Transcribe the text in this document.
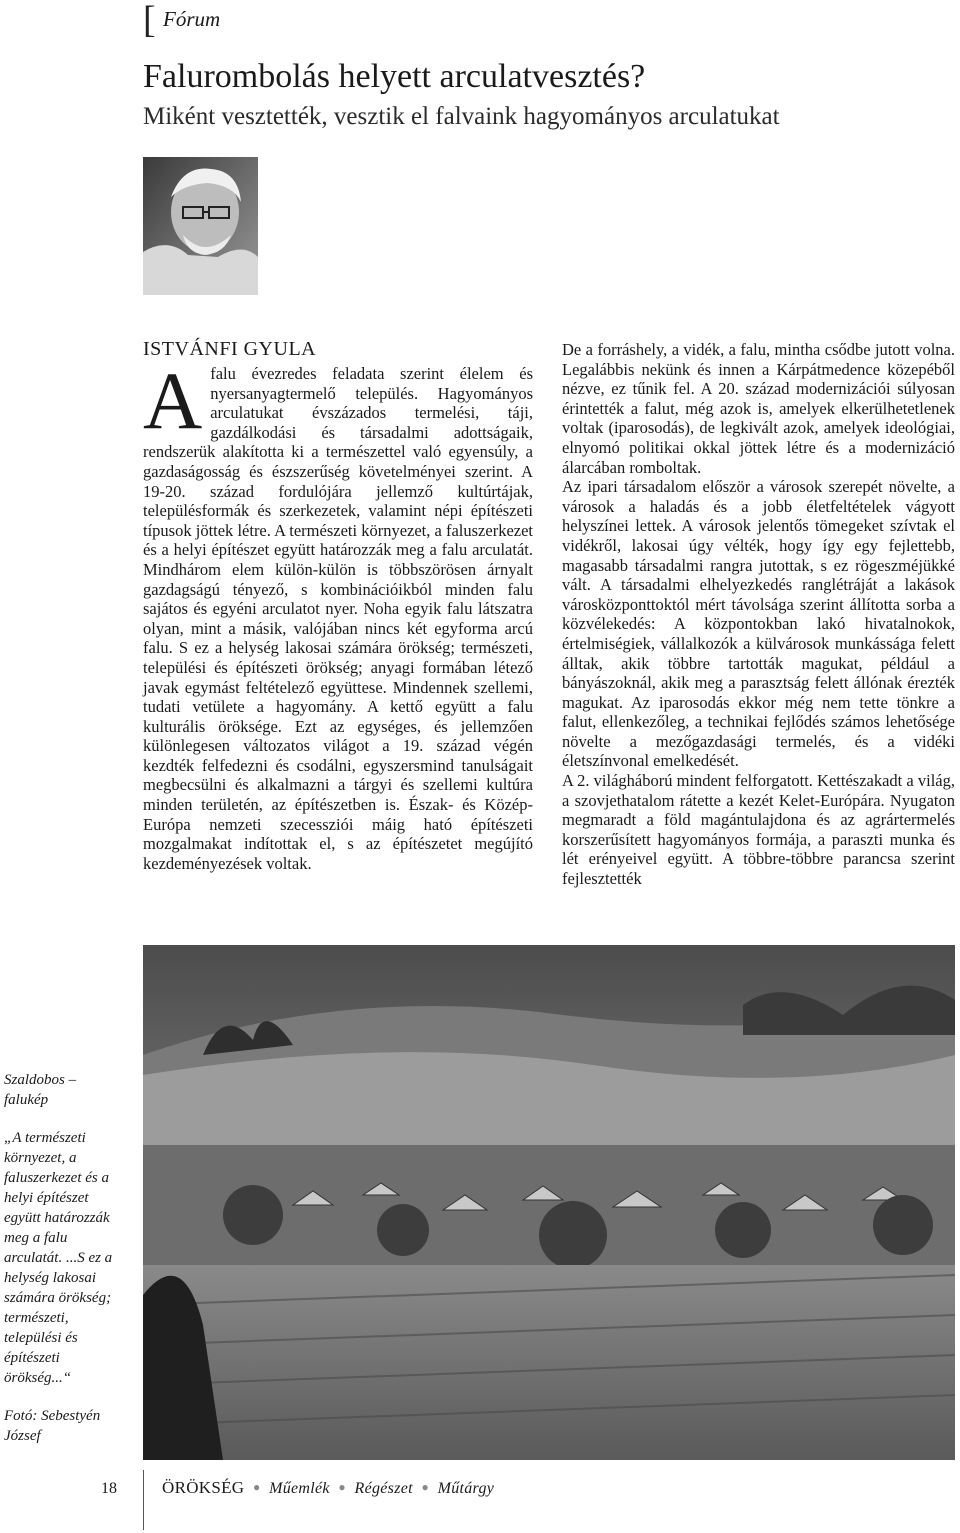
[ Fórum
Falurombolás helyett arculatvesztés?
Miként vesztették, vesztik el falvaink hagyományos arculatukat
ISTVÁNFI GYULA
A falu évezredes feladata szerint élelem és nyersanyagtermelő település. Hagyományos arculatukat évszázados termelési, táji, gazdálkodási és társadalmi adottságaik, rendszerük alakította ki a természettel való egyensúly, a gazdaságosság és észszerűség követelményei szerint. A 19-20. század fordulójára jellemző kultúrtájak, településformák és szerkezetek, valamint népi építészeti típusok jöttek létre. A természeti környezet, a faluszerkezet és a helyi építészet együtt határozzák meg a falu arculatát. Mindhárom elem külön-külön is többszörösen árnyalt gazdagságú tényező, s kombinációikból minden falu sajátos és egyéni arculatot nyer. Noha egyik falu látszatra olyan, mint a másik, valójában nincs két egyforma arcú falu. S ez a helység lakosai számára örökség; természeti, települési és építészeti örökség; anyagi formában létező javak egymást feltételező együttese. Mindennek szellemi, tudati vetülete a hagyomány. A kettő együtt a falu kulturális öröksége. Ezt az egységes, és jellemzően különlegesen változatos világot a 19. század végén kezdték felfedezni és csodálni, egyszersmind tanulságait megbecsülni és alkalmazni a tárgyi és szellemi kultúra minden területén, az építészetben is. Észak- és Közép-Európa nemzeti szecessziói máig ható építészeti mozgalmakat indítottak el, s az építészetet megújító kezdeményezések voltak.

De a forráshely, a vidék, a falu, mintha csődbe jutott volna. Legalábbis nekünk és innen a Kárpátmedence közepéből nézve, ez tűnik fel. A 20. század modernizációi súlyosan érintették a falut, még azok is, amelyek elkerülhetetlenek voltak (iparosodás), de legkivált azok, amelyek ideológiai, elnyomó politikai okkal jöttek létre és a modernizáció álarcában romboltak.

Az ipari társadalom először a városok szerepét növelte, a városok a haladás és a jobb életfeltételek vágyott helyszínei lettek. A városok jelentős tömegeket szívtak el vidékről, lakosai úgy vélték, hogy így egy fejlettebb, magasabb társadalmi rangra jutottak, s ez rögeszméjükké vált. A társadalmi elhelyezkedés ranglétráját a lakások városközponttoktól mért távolsága szerint állította sorba a közvélekedés: A központokban lakó hivatalnokok, értelmiségiek, vállalkozók a külvárosok munkássága felett álltak, akik többre tartották magukat, például a bányászoknál, akik meg a parasztság felett állónak érezték magukat. Az iparosodás ekkor még nem tette tönkre a falut, ellenkezőleg, a technikai fejlődés számos lehetősége növelte a mezőgazdasági termelés, és a vidéki életszínvonal emelkedését.

A 2. világháború mindent felforgatott. Kettészakadt a világ, a szovjethatalom rátette a kezét Kelet-Európára. Nyugaton megmaradt a föld magántulajdona és az agrártermelés korszerűsített hagyományos formája, a paraszti munka és lét erényeivel együtt. A többre-többre parancsa szerint fejlesztették

Szaldobos – falukép

„A természeti környezet, a faluszerkezet és a helyi építészet együtt határozzák meg a falu arculatát. ...S ez a helység lakosai számára örökség; természeti, települési és építészeti örökség...“

Fotó: Sebestyén József

18	ÖRÖKSÉG ● Műemlék ● Régészet ● Műtárgy
